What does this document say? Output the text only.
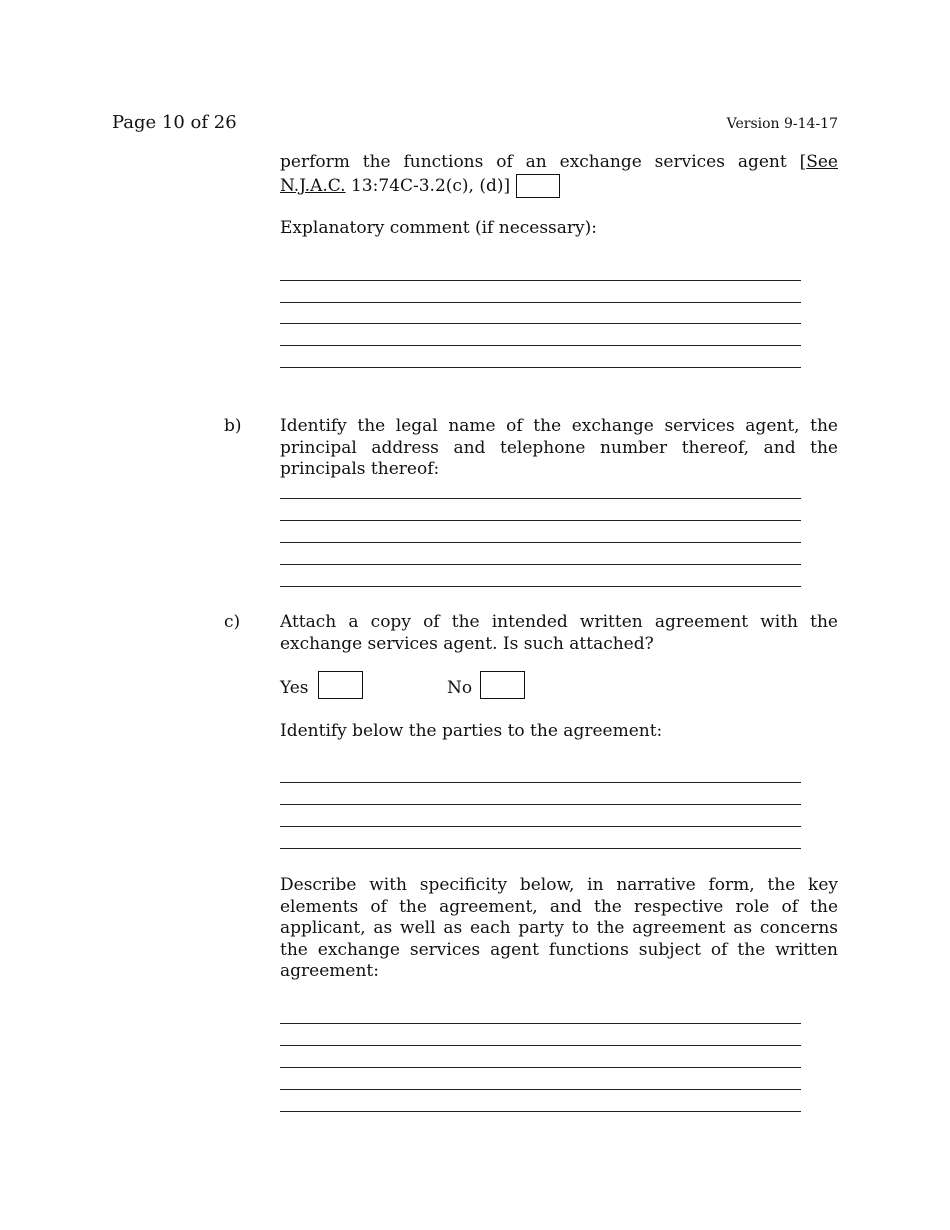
Page 10 of 26	Version 9-14-17
perform the functions of an exchange services agent [See N.J.A.C. 13:74C-3.2(c), (d)]
Explanatory comment (if necessary):
b) Identify the legal name of the exchange services agent, the principal address and telephone number thereof, and the principals thereof:
c) Attach a copy of the intended written agreement with the exchange services agent. Is such attached?
Yes	No
Identify below the parties to the agreement:
Describe with specificity below, in narrative form, the key elements of the agreement, and the respective role of the applicant, as well as each party to the agreement as concerns the exchange services agent functions subject of the written agreement:
